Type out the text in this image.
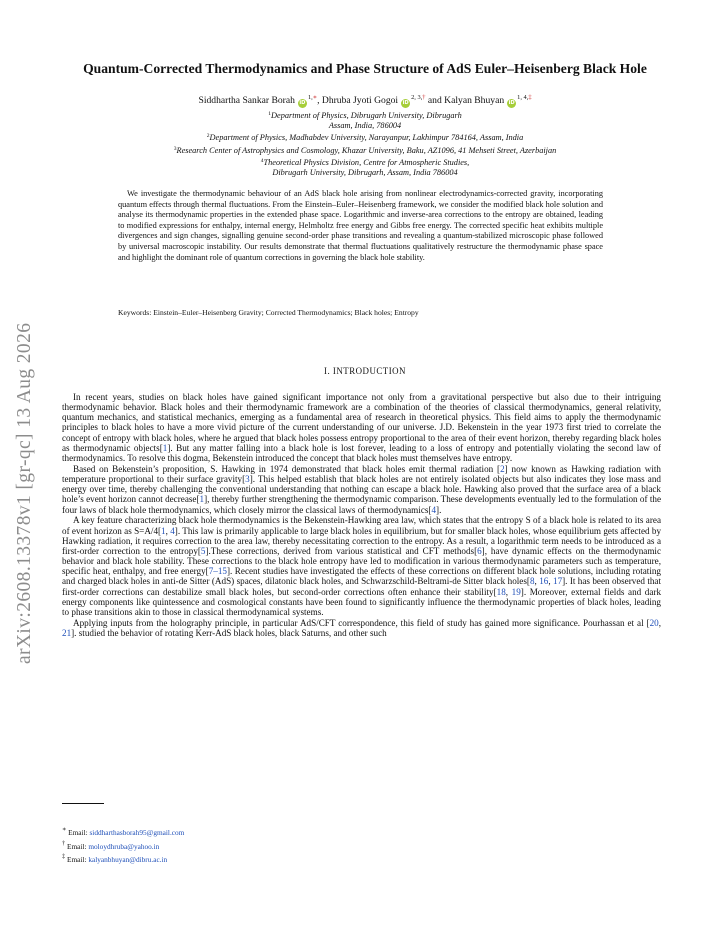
arXiv:2608.13378v1 [gr-qc] 13 Aug 2026
Quantum-Corrected Thermodynamics and Phase Structure of AdS Euler–Heisenberg Black Hole
Siddhartha Sankar Borah $iD^{1,∗}$, Dhruba Jyoti Gogoi $iD^{2, 3,\dagger}$ and Kalyan Bhuyan $iD^{1, 4,\ddagger}$
$^1$Department of Physics, Dibrugarh University, Dibrugarh
Assam, India, 786004
$^2$Department of Physics, Madhabdev University, Narayanpur, Lakhimpur 784164, Assam, India
$^3$Research Center of Astrophysics and Cosmology, Khazar University, Baku, AZ1096, 41 Mehseti Street, Azerbaijan
$^4$Theoretical Physics Division, Centre for Atmospheric Studies,
Dibrugarh University, Dibrugarh, Assam, India 786004

We investigate the thermodynamic behaviour of an AdS black hole arising from nonlinear electrodynamics-corrected gravity, incorporating quantum effects through thermal fluctuations. From the Einstein–Euler–Heisenberg framework, we consider the modified black hole solution and analyse its thermodynamic properties in the extended phase space. Logarithmic and inverse-area corrections to the entropy are obtained, leading to modified expressions for enthalpy, internal energy, Helmholtz free energy and Gibbs free energy. The corrected specific heat exhibits multiple divergences and sign changes, signalling genuine second-order phase transitions and revealing a quantum-stabilized microscopic phase followed by universal macroscopic instability. Our results demonstrate that thermal fluctuations qualitatively restructure the thermodynamic phase space and highlight the dominant role of quantum corrections in governing the black hole stability.

Keywords: Einstein–Euler–Heisenberg Gravity; Corrected Thermodynamics; Black holes; Entropy
I. INTRODUCTION

In recent years, studies on black holes have gained significant importance not only from a gravitational perspective but also due to their intriguing thermodynamic behavior. Black holes and their thermodynamic framework are a combination of the theories of classical thermodynamics, general relativity, quantum mechanics, and statistical mechanics, emerging as a fundamental area of research in theoretical physics. This field aims to apply the thermodynamic principles to black holes to have a more vivid picture of the current understanding of our universe. J.D. Bekenstein in the year 1973 first tried to correlate the concept of entropy with black holes, where he argued that black holes possess entropy proportional to the area of their event horizon, thereby regarding black holes as thermodynamic objects[1]. But any matter falling into a black hole is lost forever, leading to a loss of entropy and potentially violating the second law of thermodynamics. To resolve this dogma, Bekenstein introduced the concept that black holes must themselves have entropy.

Based on Bekenstein’s proposition, S. Hawking in 1974 demonstrated that black holes emit thermal radiation [2] now known as Hawking radiation with temperature proportional to their surface gravity[3]. This helped establish that black holes are not entirely isolated objects but also indicates they lose mass and energy over time, thereby challenging the conventional understanding that nothing can escape a black hole. Hawking also proved that the surface area of a black hole’s event horizon cannot decrease[1], thereby further strengthening the thermodynamic comparison. These developments eventually led to the formulation of the four laws of black hole thermodynamics, which closely mirror the classical laws of thermodynamics[4].

A key feature characterizing black hole thermodynamics is the Bekenstein-Hawking area law, which states that the entropy S of a black hole is related to its area of event horizon as S=A/4[1, 4]. This law is primarily applicable to large black holes in equilibrium, but for smaller black holes, whose equilibrium gets affected by Hawking radiation, it requires correction to the area law, thereby necessitating correction to the entropy. As a result, a logarithmic term needs to be introduced as a first-order correction to the entropy[5].These corrections, derived from various statistical and CFT methods[6], have dynamic effects on the thermodynamic behavior and black hole stability. These corrections to the black hole entropy have led to modification in various thermodynamic parameters such as temperature, specific heat, enthalpy, and free energy[7–15]. Recent studies have investigated the effects of these corrections on different black hole solutions, including rotating and charged black holes in anti-de Sitter (AdS) spaces, dilatonic black holes, and Schwarzschild-Beltrami-de Sitter black holes[8, 16, 17]. It has been observed that first-order corrections can destabilize small black holes, but second-order corrections often enhance their stability[18, 19]. Moreover, external fields and dark energy components like quintessence and cosmological constants have been found to significantly influence the thermodynamic properties of black holes, leading to phase transitions akin to those in classical thermodynamical systems.

Applying inputs from the holography principle, in particular AdS/CFT correspondence, this field of study has gained more significance. Pourhassan et al [20, 21]. studied the behavior of rotating Kerr-AdS black holes, black Saturns, and other such

∗ Email: siddharthasborah95@gmail.com
† Email: moloydhruba@yahoo.in
‡ Email: kalyanbhuyan@dibru.ac.in
